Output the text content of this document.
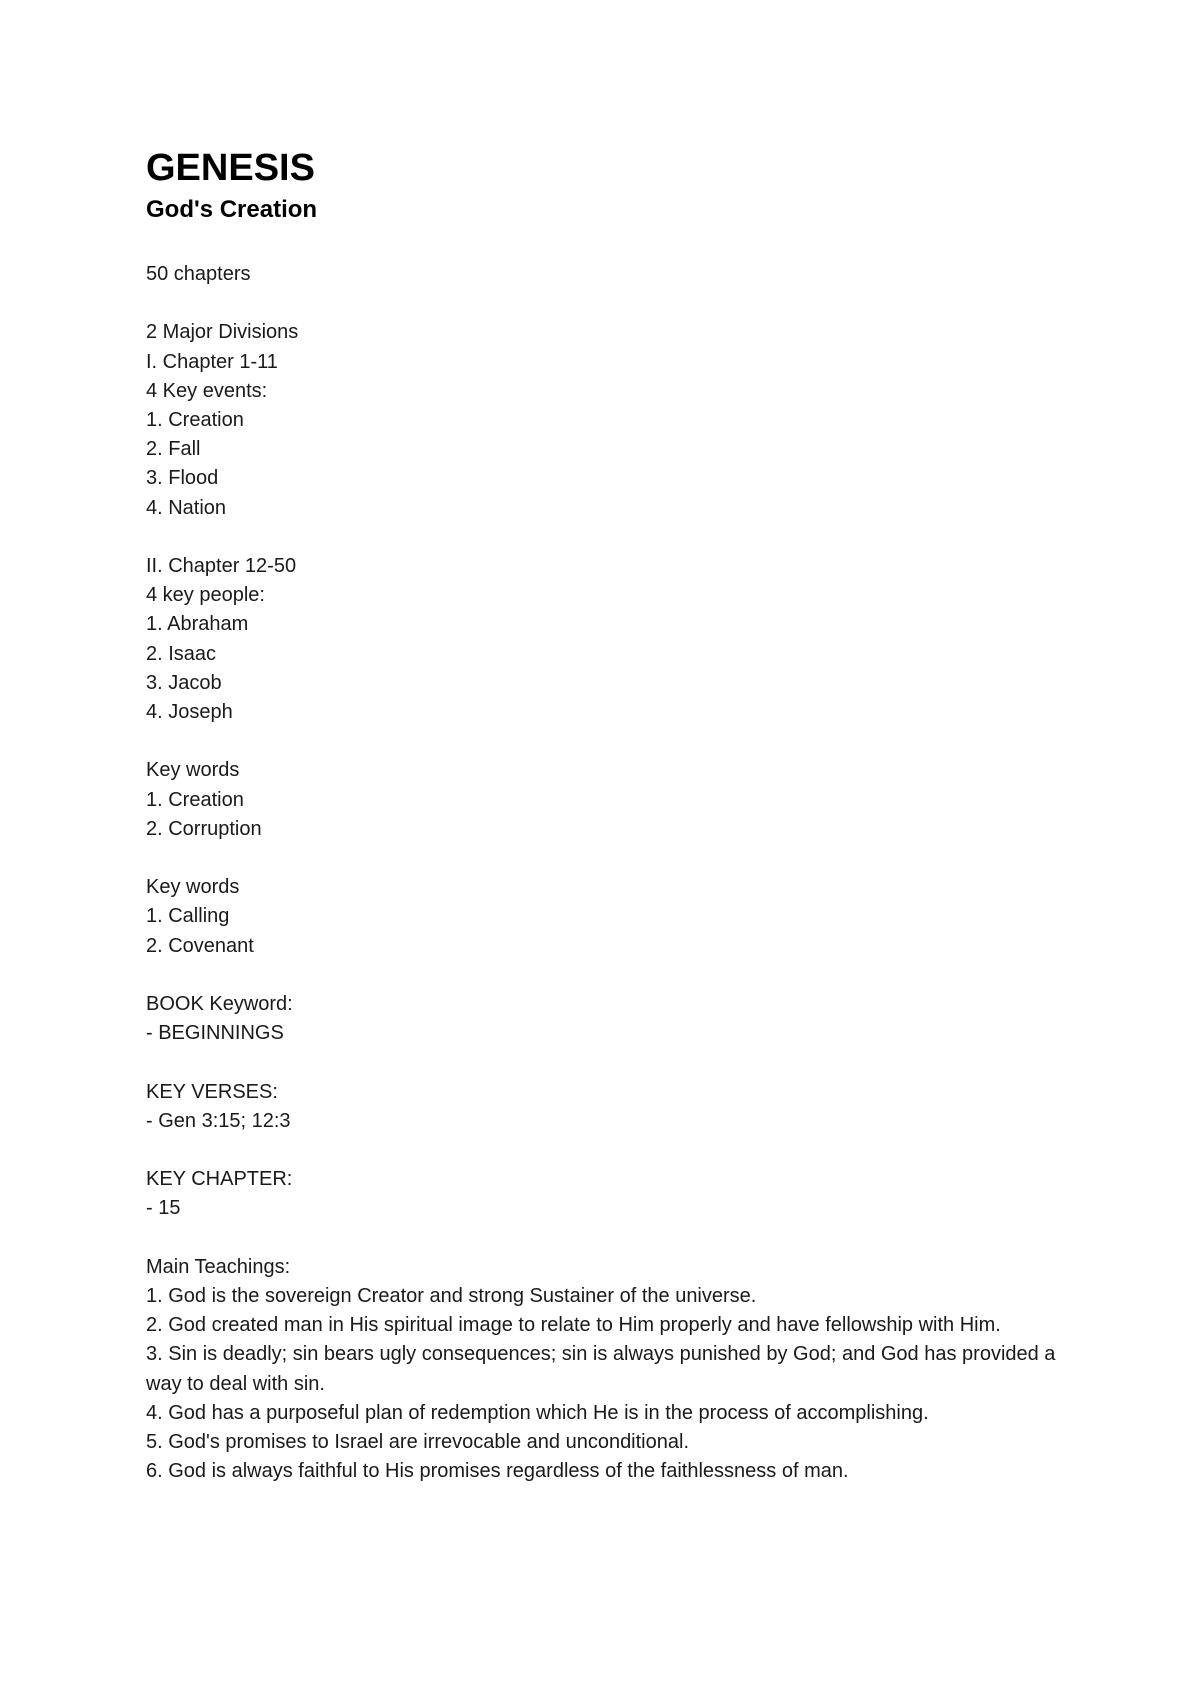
GENESIS
God's Creation
50 chapters
2 Major Divisions
I. Chapter 1-11
4 Key events:
1. Creation
2. Fall
3. Flood
4. Nation
II. Chapter 12-50
4 key people:
1. Abraham
2. Isaac
3. Jacob
4. Joseph
Key words
1. Creation
2. Corruption
Key words
1. Calling
2. Covenant
BOOK Keyword:
- BEGINNINGS
KEY VERSES:
- Gen 3:15; 12:3
KEY CHAPTER:
- 15
Main Teachings:
1. God is the sovereign Creator and strong Sustainer of the universe.
2. God created man in His spiritual image to relate to Him properly and have fellowship with Him.
3. Sin is deadly; sin bears ugly consequences; sin is always punished by God; and God has provided a way to deal with sin.
4. God has a purposeful plan of redemption which He is in the process of accomplishing.
5. God's promises to Israel are irrevocable and unconditional.
6. God is always faithful to His promises regardless of the faithlessness of man.
